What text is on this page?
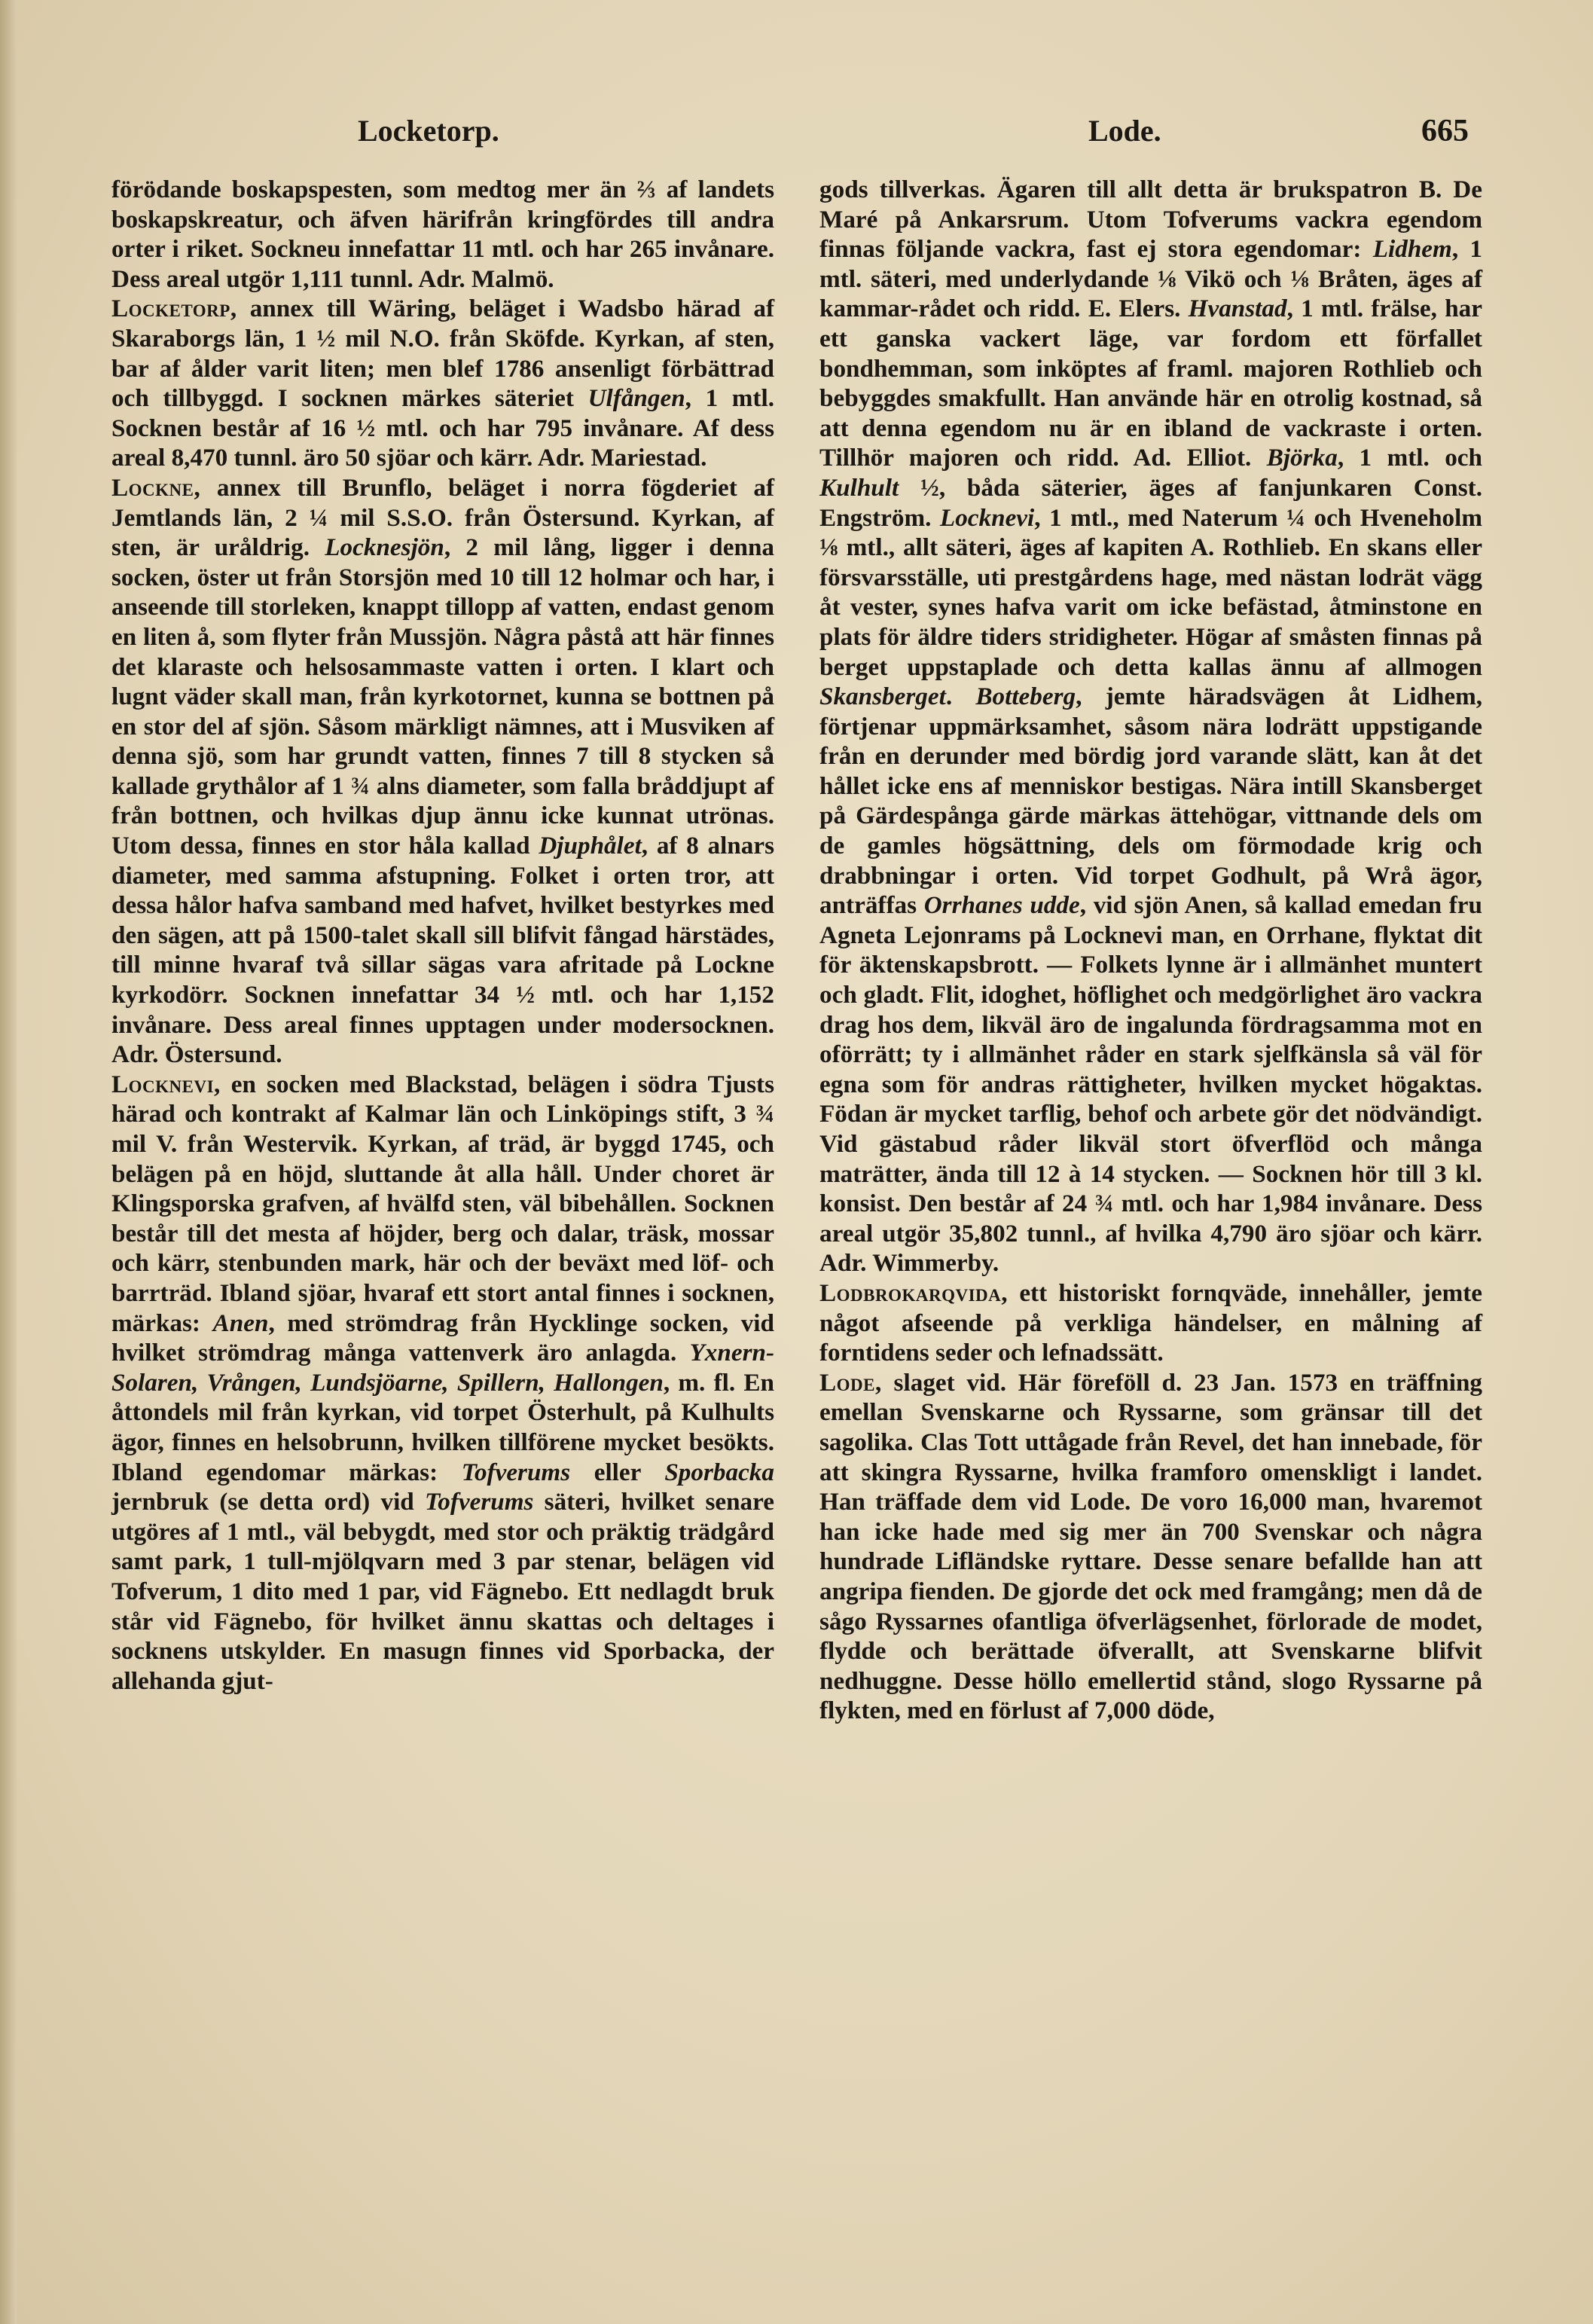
Locketorp.	Lode.	665

förödande boskapspesten, som medtog mer än ⅔ af landets boskapskreatur, och äfven härifrån kringfördes till andra orter i riket. Sockneu innefattar 11 mtl. och har 265 invånare. Dess areal utgör 1,111 tunnl. Adr. Malmö.

Locketorp, annex till Wäring, beläget i Wadsbo härad af Skaraborgs län, 1 ½ mil N.O. från Sköfde. Kyrkan, af sten, bar af ålder varit liten; men blef 1786 ansenligt förbättrad och tillbyggd. I socknen märkes säteriet Ulfången, 1 mtl. Socknen består af 16 ½ mtl. och har 795 invånare. Af dess areal 8,470 tunnl. äro 50 sjöar och kärr. Adr. Mariestad.

Locknе, annex till Brunflo, beläget i norra fögderiet af Jemtlands län, 2 ¼ mil S.S.O. från Östersund. Kyrkan, af sten, är uråldrig. Locknesjön, 2 mil lång, ligger i denna socken, öster ut från Storsjön med 10 till 12 holmar och har, i anseende till storleken, knappt tillopp af vatten, endast genom en liten å, som flyter från Mussjön. Några påstå att här finnes det klaraste och helsosammaste vatten i orten. I klart och lugnt väder skall man, från kyrkotornet, kunna se bottnen på en stor del af sjön. Såsom märkligt nämnes, att i Musviken af denna sjö, som har grundt vatten, finnes 7 till 8 stycken så kallade grythålor af 1 ¾ alns diameter, som falla bråddjupt af från bottnen, och hvilkas djup ännu icke kunnat utrönas. Utom dessa, finnes en stor håla kallad Djuphålet, af 8 alnars diameter, med samma afstupning. Folket i orten tror, att dessa hålor hafva samband med hafvet, hvilket bestyrkes med den sägen, att på 1500-talet skall sill blifvit fångad härstädes, till minne hvaraf två sillar sägas vara afritade på Lockne kyrkodörr. Socknen innefattar 34 ½ mtl. och har 1,152 invånare. Dess areal finnes upptagen under modersocknen. Adr. Östersund.

Locknevi, en socken med Blackstad, belägen i södra Tjusts härad och kontrakt af Kalmar län och Linköpings stift, 3 ¾ mil V. från Westervik. Kyrkan, af träd, är byggd 1745, och belägen på en höjd, sluttande åt alla håll. Under choret är Klingsporska grafven, af hvälfd sten, väl bibehållen. Socknen består till det mesta af höjder, berg och dalar, träsk, mossar och kärr, stenbunden mark, här och der beväxt med löf- och barrträd. Ibland sjöar, hvaraf ett stort antal finnes i socknen, märkas: Anen, med strömdrag från Hycklinge socken, vid hvilket strömdrag många vattenverk äro anlagda. Yxnern-Solaren, Vrången, Lundsjöarne, Spillern, Hallongen, m. fl. En åttondels mil från kyrkan, vid torpet Österhult, på Kulhults ägor, finnes en helsobrunn, hvilken tillförene mycket besökts. Ibland egendomar märkas: Tofverums eller Sporbacka jernbruk (se detta ord) vid Tofverums säteri, hvilket senare utgöres af 1 mtl., väl bebygdt, med stor och präktig trädgård samt park, 1 tull-mjölqvarn med 3 par stenar, belägen vid Tofverum, 1 dito med 1 par, vid Fägnebo. Ett nedlagdt bruk står vid Fägnebo, för hvilket ännu skattas och deltages i socknens utskylder. En masugn finnes vid Sporbacka, der allehanda gjut-

gods tillverkas. Ägaren till allt detta är brukspatron B. De Maré på Ankarsrum. Utom Tofverums vackra egendom finnas följande vackra, fast ej stora egendomar: Lidhem, 1 mtl. säteri, med underlydande ⅛ Vikö och ⅛ Bråten, äges af kammar-rådet och ridd. E. Elers. Hvanstad, 1 mtl. frälse, har ett ganska vackert läge, var fordom ett förfallet bondhemman, som inköptes af framl. majoren Rothlieb och bebyggdes smakfullt. Han använde här en otrolig kostnad, så att denna egendom nu är en ibland de vackraste i orten. Tillhör majoren och ridd. Ad. Elliot. Björka, 1 mtl. och Kulhult ½, båda säterier, äges af fanjunkaren Const. Engström. Locknevi, 1 mtl., med Naterum ¼ och Hveneholm ⅛ mtl., allt säteri, äges af kapiten A. Rothlieb. En skans eller försvarsställe, uti prestgårdens hage, med nästan lodrät vägg åt vester, synes hafva varit om icke befästad, åtminstone en plats för äldre tiders stridigheter. Högar af småsten finnas på berget uppstaplade och detta kallas ännu af allmogen Skansberget. Botteberg, jemte häradsvägen åt Lidhem, förtjenar uppmärksamhet, såsom nära lodrätt uppstigande från en derunder med bördig jord varande slätt, kan åt det hållet icke ens af menniskor bestigas. Nära intill Skansberget på Gärdespånga gärde märkas ättehögar, vittnande dels om de gamles högsättning, dels om förmodade krig och drabbningar i orten. Vid torpet Godhult, på Wrå ägor, anträffas Orrhanes udde, vid sjön Anen, så kallad emedan fru Agneta Lejonrams på Locknevi man, en Orrhane, flyktat dit för äktenskapsbrott. — Folkets lynne är i allmänhet muntert och gladt. Flit, idoghet, höflighet och medgörlighet äro vackra drag hos dem, likväl äro de ingalunda fördragsamma mot en oförrätt; ty i allmänhet råder en stark sjelfkänsla så väl för egna som för andras rättigheter, hvilken mycket högaktas. Födan är mycket tarflig, behof och arbete gör det nödvändigt. Vid gästabud råder likväl stort öfverflöd och många maträtter, ända till 12 à 14 stycken. — Socknen hör till 3 kl. konsist. Den består af 24 ¾ mtl. och har 1,984 invånare. Dess areal utgör 35,802 tunnl., af hvilka 4,790 äro sjöar och kärr. Adr. Wimmerby.

Lodbrokarqvida, ett historiskt fornqväde, innehåller, jemte något afseende på verkliga händelser, en målning af forntidens seder och lefnadssätt.

Lode, slaget vid. Här föreföll d. 23 Jan. 1573 en träffning emellan Svenskarne och Ryssarne, som gränsar till det sagolika. Clas Tott uttågade från Revel, det han innebade, för att skingra Ryssarne, hvilka framforo omenskligt i landet. Han träffade dem vid Lode. De voro 16,000 man, hvaremot han icke hade med sig mer än 700 Svenskar och några hundrade Lifländske ryttare. Desse senare befallde han att angripa fienden. De gjorde det ock med framgång; men då de sågo Ryssarnes ofantliga öfverlägsenhet, förlorade de modet, flydde och berättade öfverallt, att Svenskarne blifvit nedhuggne. Desse höllo emellertid stånd, slogo Ryssarne på flykten, med en förlust af 7,000 döde,
